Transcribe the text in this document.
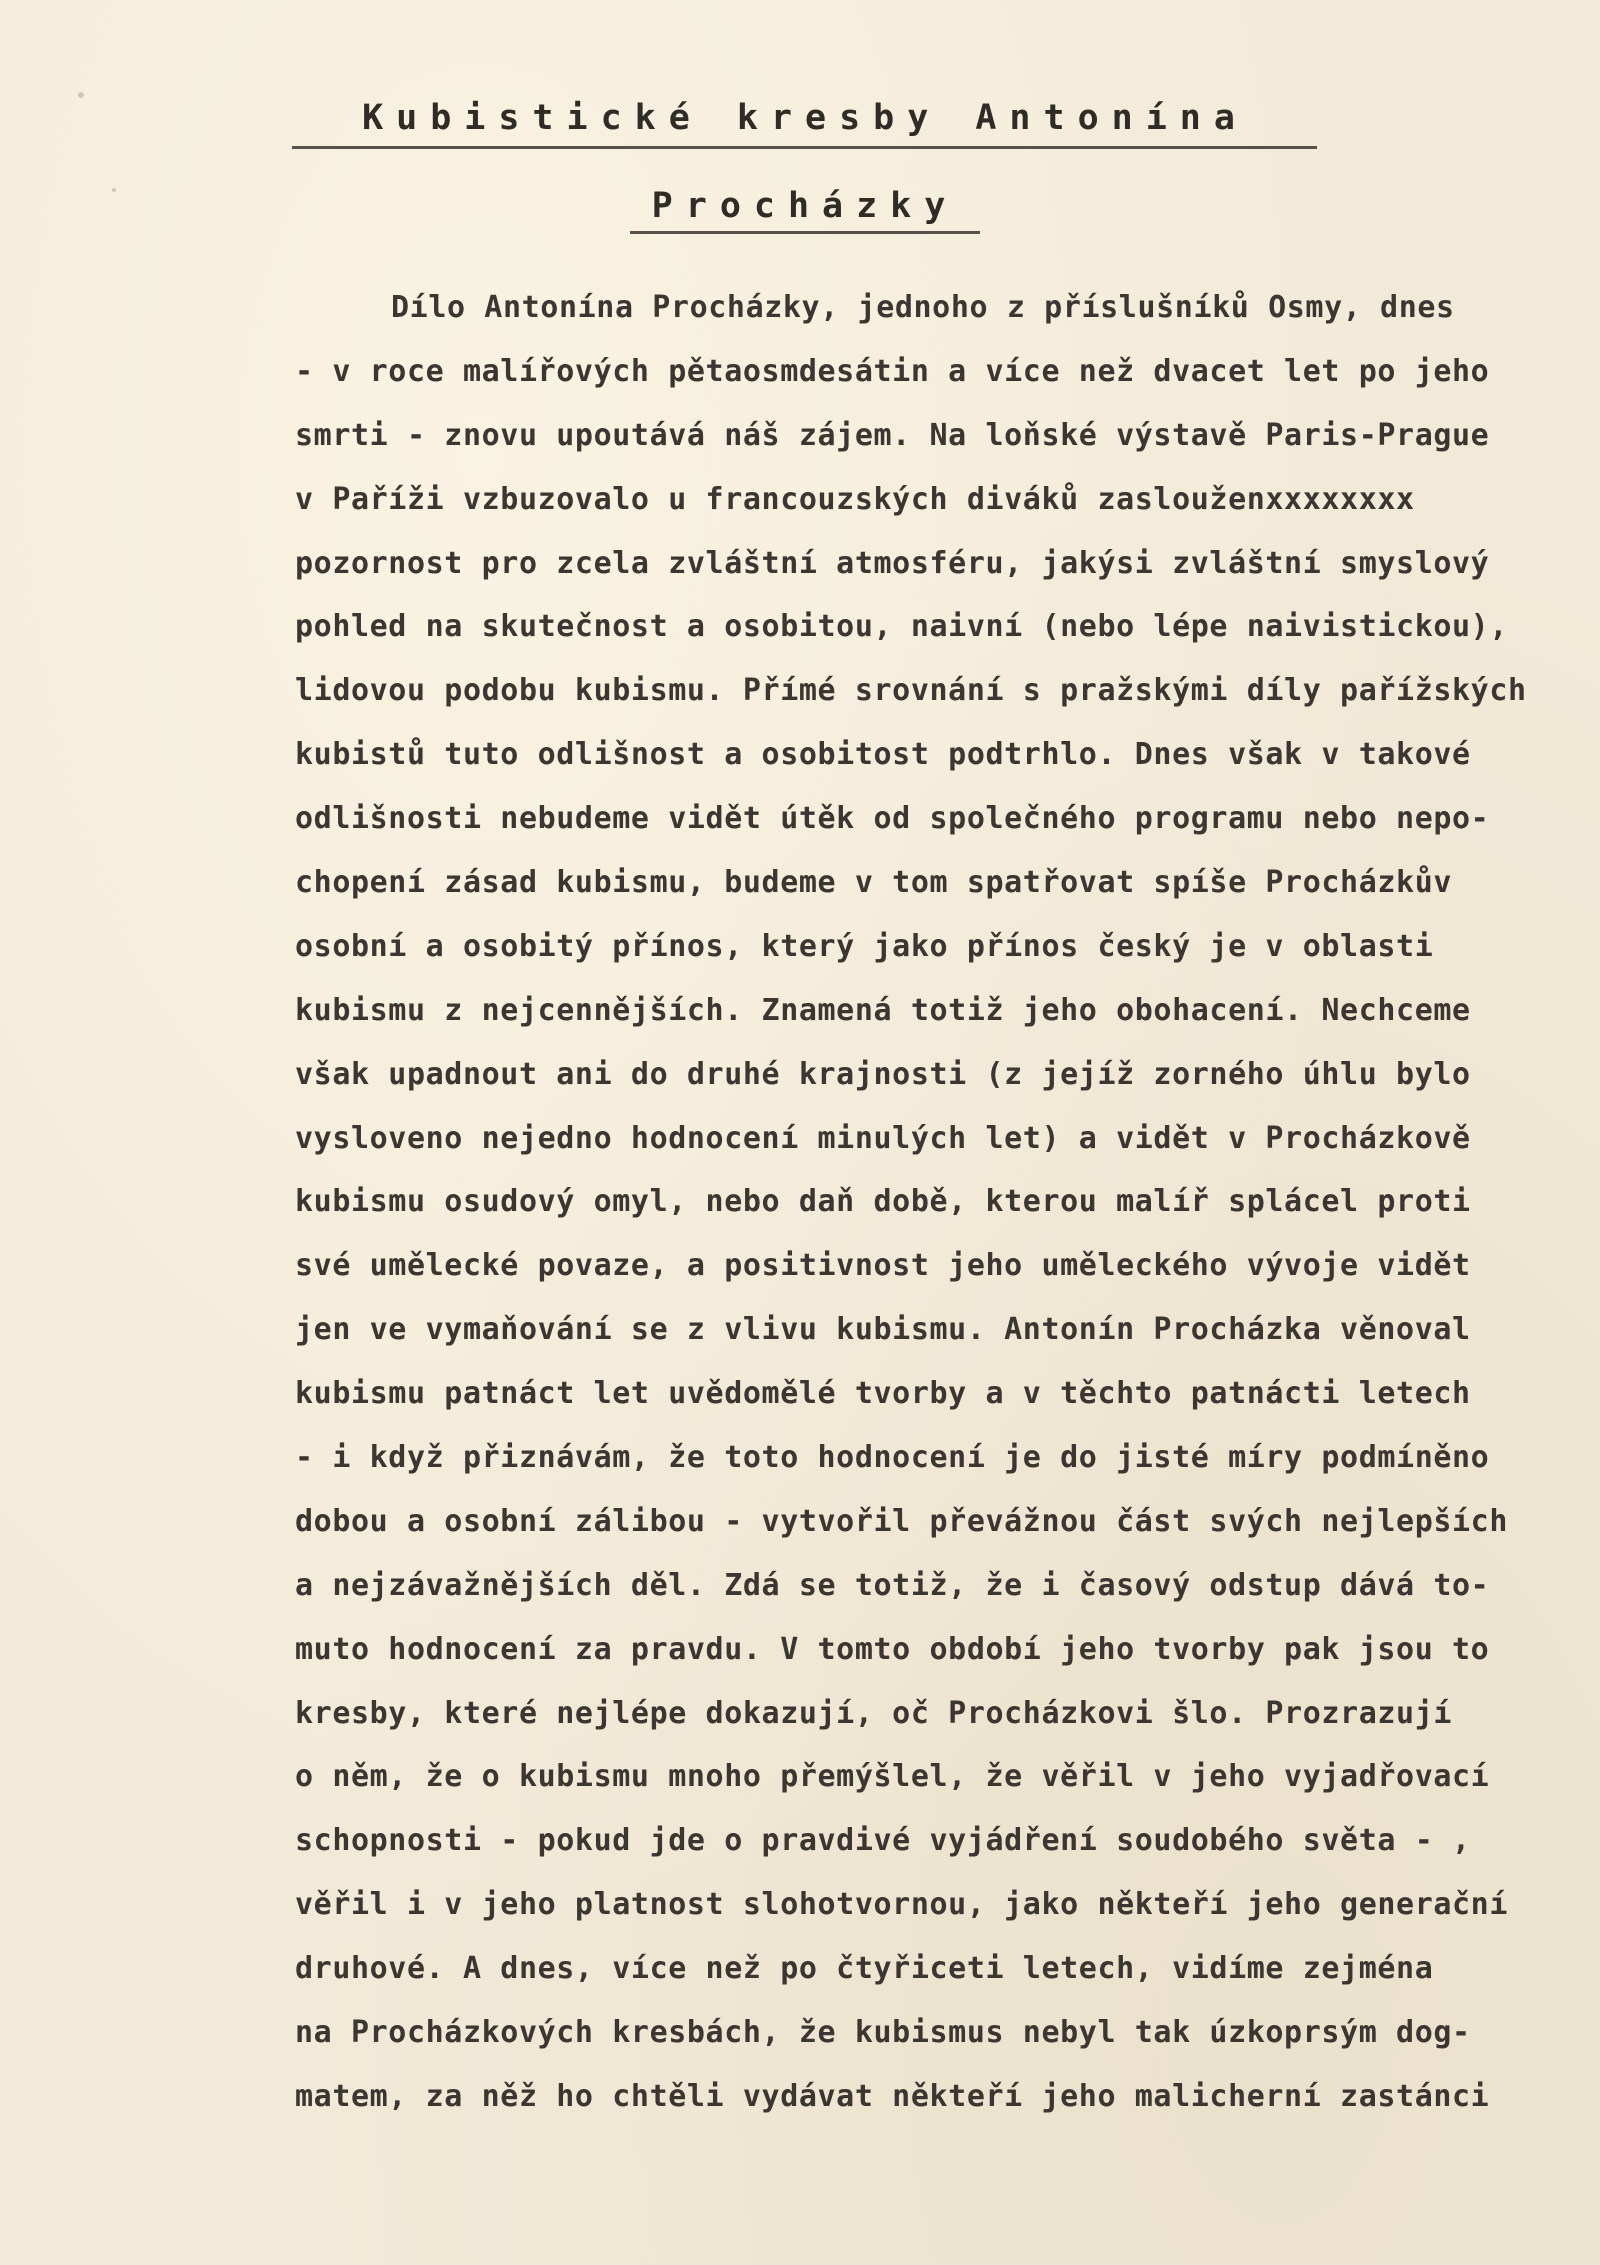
Kubistické kresby Antonína
Procházky
Dílo Antonína Procházky, jednoho z příslušníků Osmy, dnes
- v roce malířových pětaosmdesátin a více než dvacet let po jeho
smrti - znovu upoutává náš zájem. Na loňské výstavě Paris-Prague
v Paříži vzbuzovalo u francouzských diváků zaslouženxxxxxxxx
pozornost pro zcela zvláštní atmosféru, jakýsi zvláštní smyslový
pohled na skutečnost a osobitou, naivní (nebo lépe naivistickou),
lidovou podobu kubismu. Přímé srovnání s pražskými díly pařížských
kubistů tuto odlišnost a osobitost podtrhlo. Dnes však v takové
odlišnosti nebudeme vidět útěk od společného programu nebo nepo-
chopení zásad kubismu, budeme v tom spatřovat spíše Procházkův
osobní a osobitý přínos, který jako přínos český je v oblasti
kubismu z nejcennějších. Znamená totiž jeho obohacení. Nechceme
však upadnout ani do druhé krajnosti (z jejíž zorného úhlu bylo
vysloveno nejedno hodnocení minulých let) a vidět v Procházkově
kubismu osudový omyl, nebo daň době, kterou malíř splácel proti
své umělecké povaze, a positivnost jeho uměleckého vývoje vidět
jen ve vymaňování se z vlivu kubismu. Antonín Procházka věnoval
kubismu patnáct let uvědomělé tvorby a v těchto patnácti letech
- i když přiznávám, že toto hodnocení je do jisté míry podmíněno
dobou a osobní zálibou - vytvořil převážnou část svých nejlepších
a nejzávažnějších děl. Zdá se totiž, že i časový odstup dává to-
muto hodnocení za pravdu. V tomto období jeho tvorby pak jsou to
kresby, které nejlépe dokazují, oč Procházkovi šlo. Prozrazují
o něm, že o kubismu mnoho přemýšlel, že věřil v jeho vyjadřovací
schopnosti - pokud jde o pravdivé vyjádření soudobého světa - ,
věřil i v jeho platnost slohotvornou, jako někteří jeho generační
druhové. A dnes, více než po čtyřiceti letech, vidíme zejména
na Procházkových kresbách, že kubismus nebyl tak úzkoprsým dog-
matem, za něž ho chtěli vydávat někteří jeho malicherní zastánci
